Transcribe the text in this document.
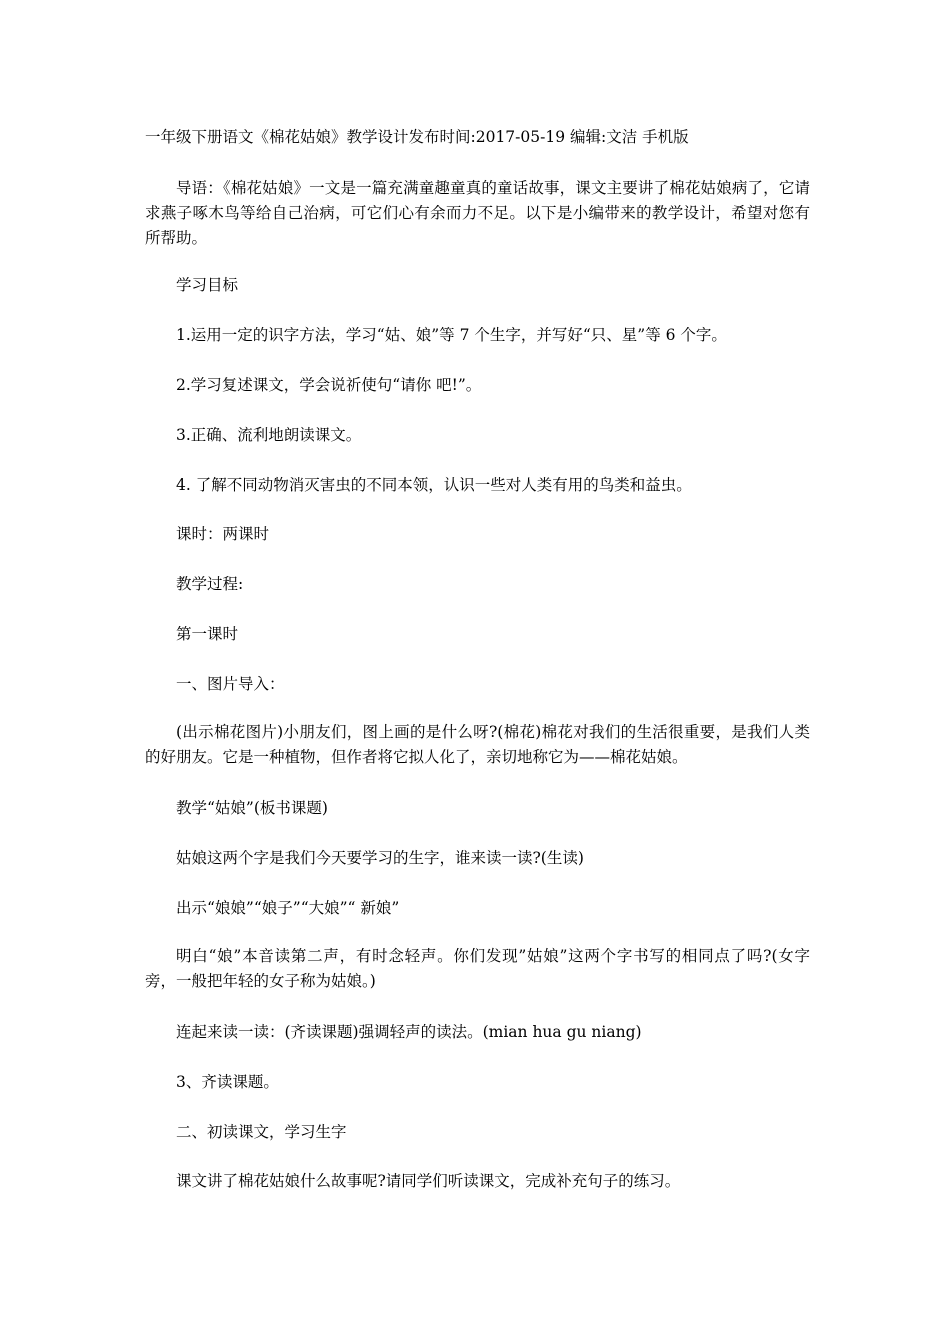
一年级下册语文《棉花姑娘》教学设计发布时间:2017-05-19 编辑:文洁 手机版

导语：《棉花姑娘》一文是一篇充满童趣童真的童话故事，课文主要讲了棉花姑娘病了，它请求燕子啄木鸟等给自己治病，可它们心有余而力不足。以下是小编带来的教学设计，希望对您有所帮助。

学习目标

1.运用一定的识字方法，学习“姑、娘”等 7 个生字，并写好“只、星”等 6 个字。

2.学习复述课文，学会说祈使句“请你 吧!”。

3.正确、流利地朗读课文。

4. 了解不同动物消灭害虫的不同本领，认识一些对人类有用的鸟类和益虫。

课时：两课时

教学过程:

第一课时

一、图片导入：

(出示棉花图片)小朋友们，图上画的是什么呀?(棉花)棉花对我们的生活很重要，是我们人类的好朋友。它是一种植物，但作者将它拟人化了，亲切地称它为——棉花姑娘。

教学“姑娘”(板书课题)

姑娘这两个字是我们今天要学习的生字，谁来读一读?(生读)

出示“娘娘”“娘子”“大娘”“ 新娘”

明白“娘”本音读第二声，有时念轻声。你们发现”姑娘”这两个字书写的相同点了吗?(女字旁，一般把年轻的女子称为姑娘。)

连起来读一读：(齐读课题)强调轻声的读法。(mian hua gu niang)

3、齐读课题。

二、初读课文，学习生字

课文讲了棉花姑娘什么故事呢?请同学们听读课文，完成补充句子的练习。
